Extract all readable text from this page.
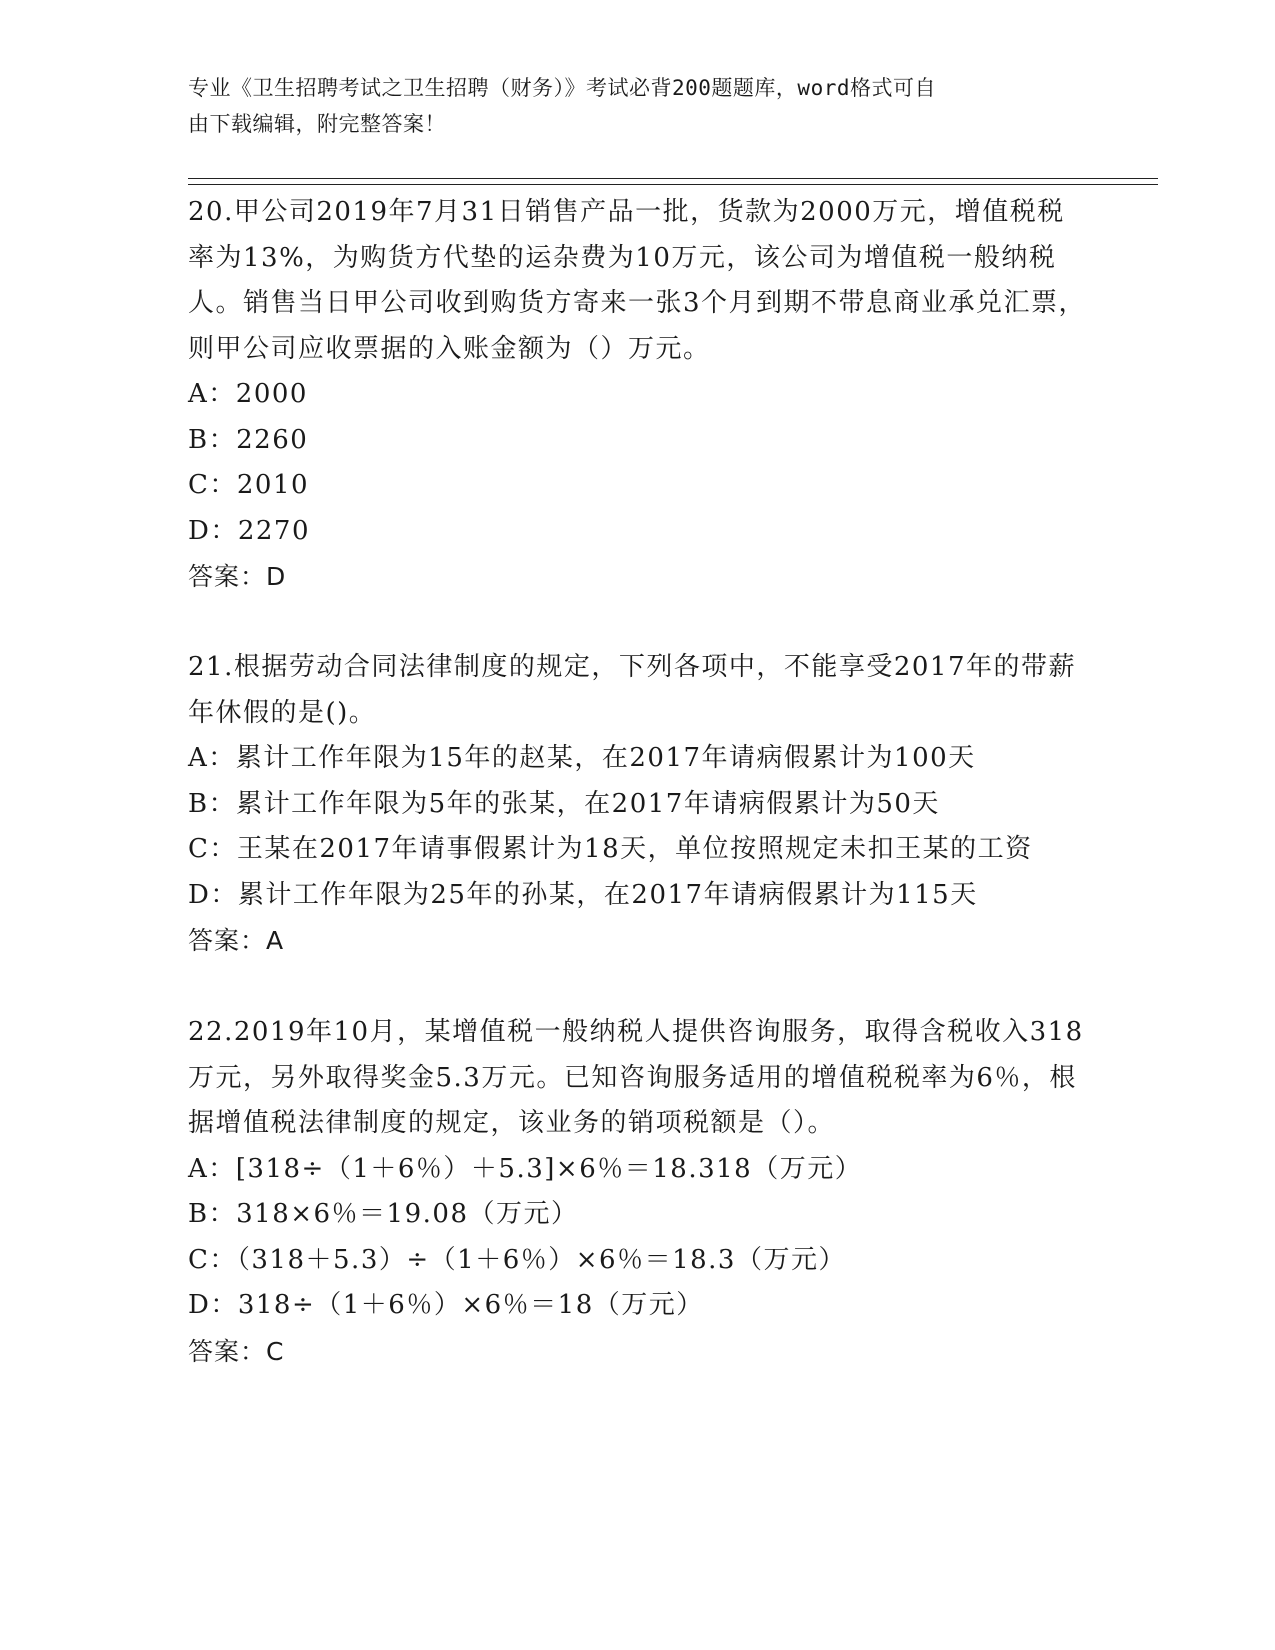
专业《卫生招聘考试之卫生招聘（财务）》考试必背200题题库，word格式可自
由下载编辑，附完整答案！

20.甲公司2019年7月31日销售产品一批，货款为2000万元，增值税税率为13%，为购货方代垫的运杂费为10万元，该公司为增值税一般纳税人。销售当日甲公司收到购货方寄来一张3个月到期不带息商业承兑汇票，则甲公司应收票据的入账金额为（）万元。

A：2000

B：2260

C：2010

D：2270

答案：D

21.根据劳动合同法律制度的规定，下列各项中，不能享受2017年的带薪年休假的是()。

A：累计工作年限为15年的赵某，在2017年请病假累计为100天

B：累计工作年限为5年的张某，在2017年请病假累计为50天

C：王某在2017年请事假累计为18天，单位按照规定未扣王某的工资

D：累计工作年限为25年的孙某，在2017年请病假累计为115天

答案：A

22.2019年10月，某增值税一般纳税人提供咨询服务，取得含税收入318万元，另外取得奖金5.3万元。已知咨询服务适用的增值税税率为6％，根据增值税法律制度的规定，该业务的销项税额是（）。

A：[318÷（1＋6％）＋5.3]×6％＝18.318（万元）

B：318×6％＝19.08（万元）

C：（318＋5.3）÷（1＋6％）×6％＝18.3（万元）

D：318÷（1＋6％）×6％＝18（万元）

答案：C
